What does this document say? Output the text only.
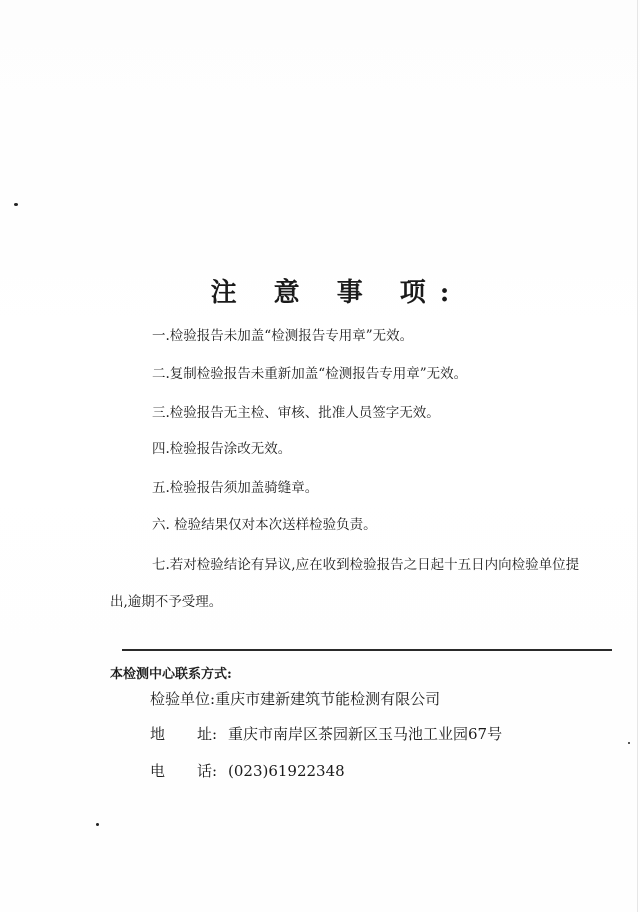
注 意 事 项:
一.检验报告未加盖“检测报告专用章”无效。
二.复制检验报告未重新加盖“检测报告专用章”无效。
三.检验报告无主检、审核、批准人员签字无效。
四.检验报告涂改无效。
五.检验报告须加盖骑缝章。
六. 检验结果仅对本次送样检验负责。
七.若对检验结论有异议,应在收到检验报告之日起十五日内向检验单位提
出,逾期不予受理。
本检测中心联系方式:
检验单位:重庆市建新建筑节能检测有限公司
地 址: 重庆市南岸区茶园新区玉马池工业园67号
电 话: (023)61922348
